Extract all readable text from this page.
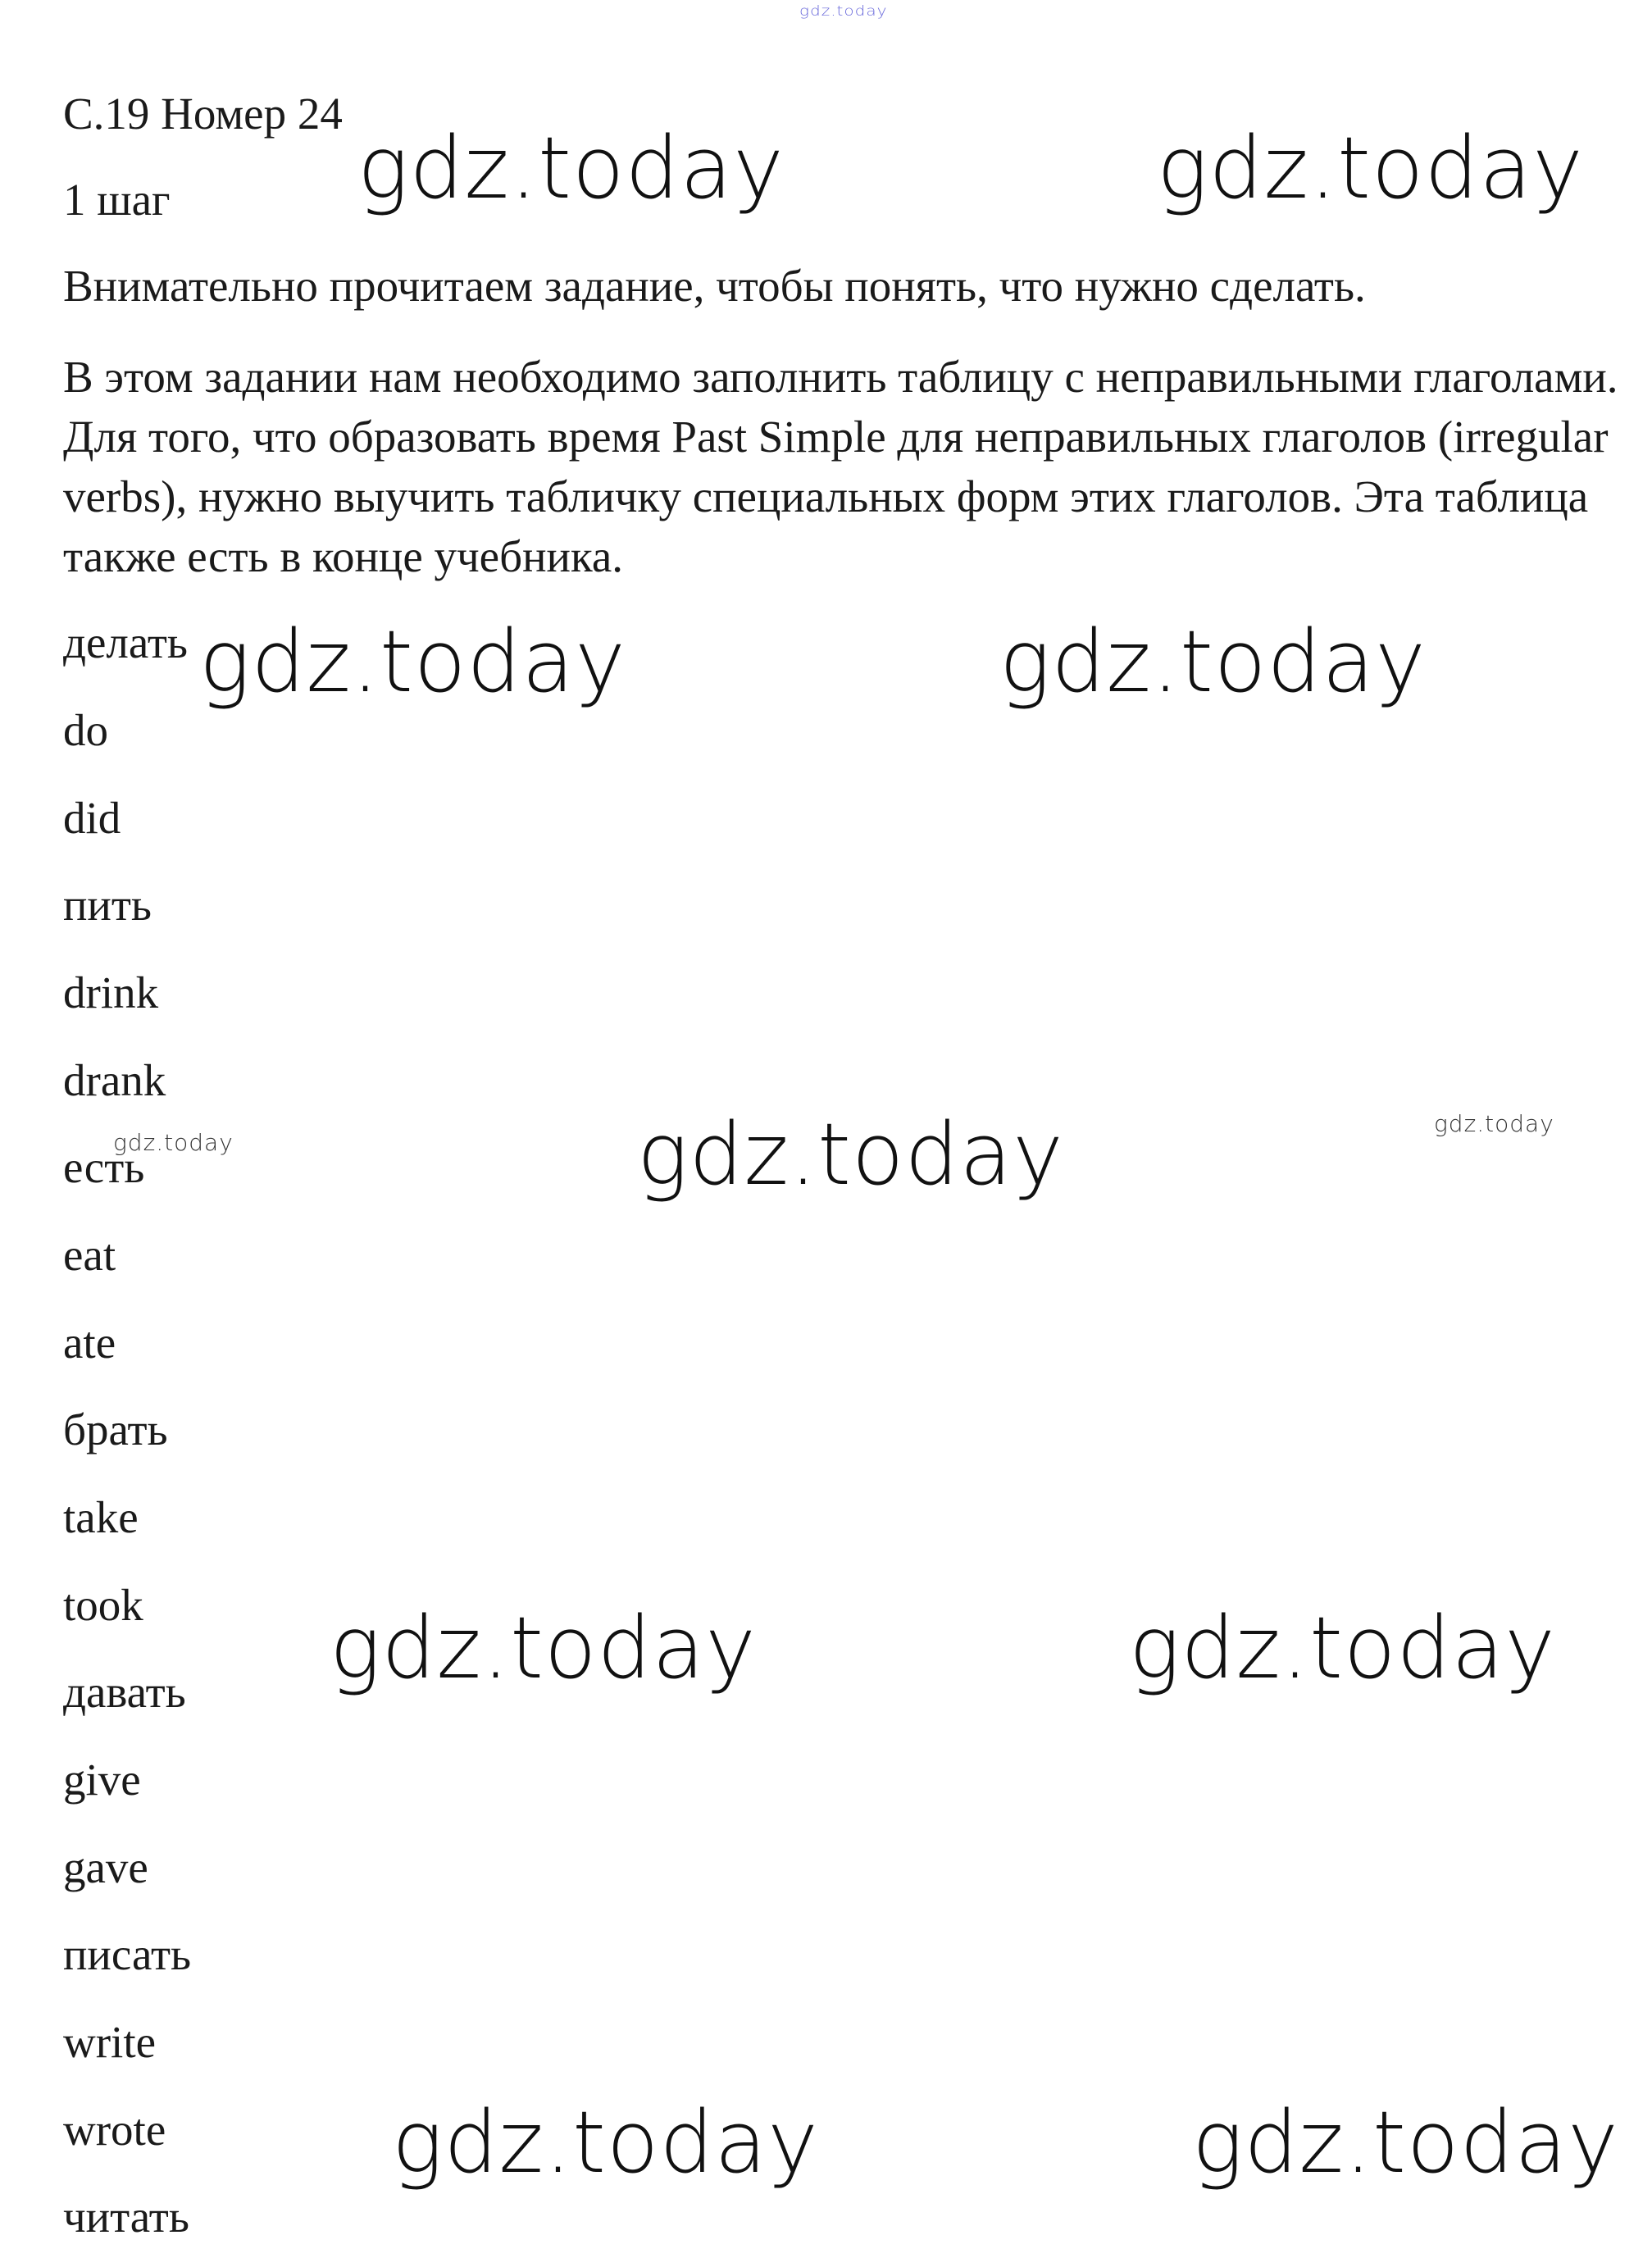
gdz.today

С.19 Номер 24

1 шаг

Внимательно прочитаем задание, чтобы понять, что нужно сделать.

В этом задании нам необходимо заполнить таблицу с неправильными глаголами. Для того, что образовать время Past Simple для неправильных глаголов (irregular verbs), нужно выучить табличку специальных форм этих глаголов. Эта таблица также есть в конце учебника.

делать

do

did

пить

drink

drank

есть

eat

ate

брать

take

took

давать

give

gave

писать

write

wrote

читать

gdz.today	gdz.today
gdz.today	gdz.today
gdz.today	gdz.today	gdz.today
gdz.today	gdz.today
gdz.today	gdz.today
